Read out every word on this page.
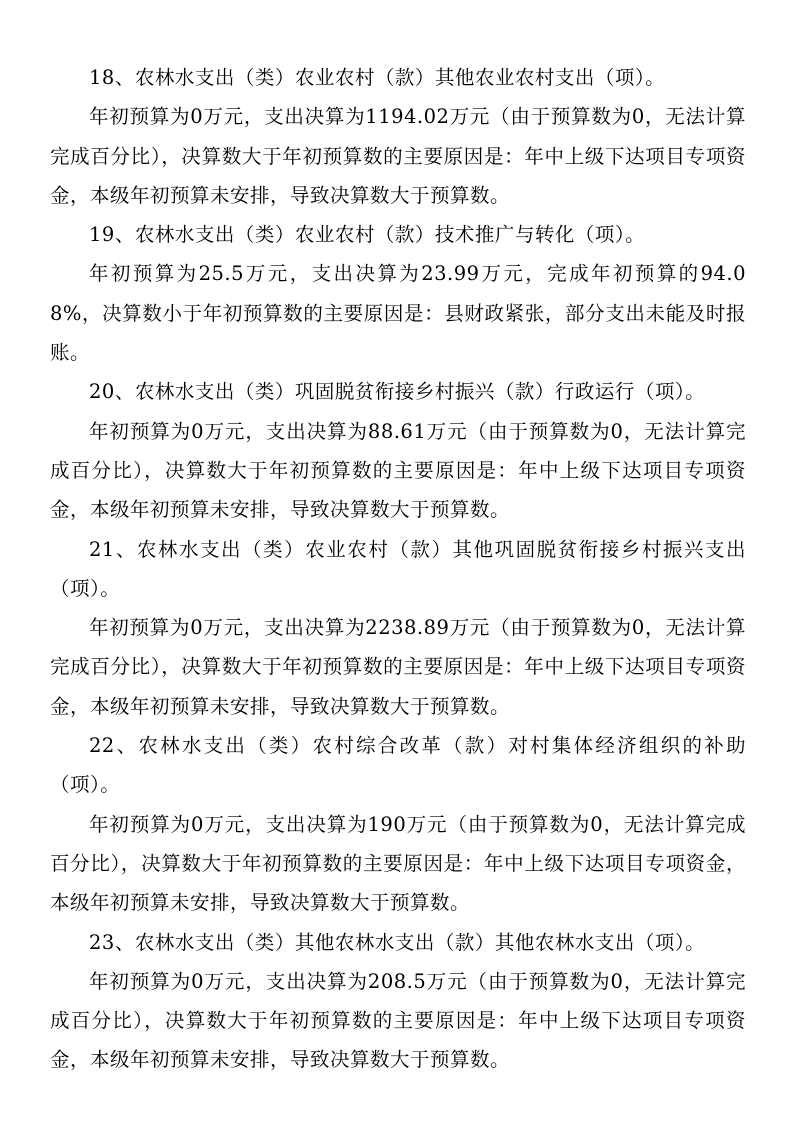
18、农林水支出（类）农业农村（款）其他农业农村支出（项）。

年初预算为0万元，支出决算为1194.02万元（由于预算数为0，无法计算完成百分比），决算数大于年初预算数的主要原因是：年中上级下达项目专项资金，本级年初预算未安排，导致决算数大于预算数。

19、农林水支出（类）农业农村（款）技术推广与转化（项）。

年初预算为25.5万元，支出决算为23.99万元，完成年初预算的94.08%，决算数小于年初预算数的主要原因是：县财政紧张，部分支出未能及时报账。

20、农林水支出（类）巩固脱贫衔接乡村振兴（款）行政运行（项）。

年初预算为0万元，支出决算为88.61万元（由于预算数为0，无法计算完成百分比），决算数大于年初预算数的主要原因是：年中上级下达项目专项资金，本级年初预算未安排，导致决算数大于预算数。

21、农林水支出（类）农业农村（款）其他巩固脱贫衔接乡村振兴支出（项）。

年初预算为0万元，支出决算为2238.89万元（由于预算数为0，无法计算完成百分比），决算数大于年初预算数的主要原因是：年中上级下达项目专项资金，本级年初预算未安排，导致决算数大于预算数。

22、农林水支出（类）农村综合改革（款）对村集体经济组织的补助（项）。

年初预算为0万元，支出决算为190万元（由于预算数为0，无法计算完成百分比），决算数大于年初预算数的主要原因是：年中上级下达项目专项资金，本级年初预算未安排，导致决算数大于预算数。

23、农林水支出（类）其他农林水支出（款）其他农林水支出（项）。

年初预算为0万元，支出决算为208.5万元（由于预算数为0，无法计算完成百分比），决算数大于年初预算数的主要原因是：年中上级下达项目专项资金，本级年初预算未安排，导致决算数大于预算数。
